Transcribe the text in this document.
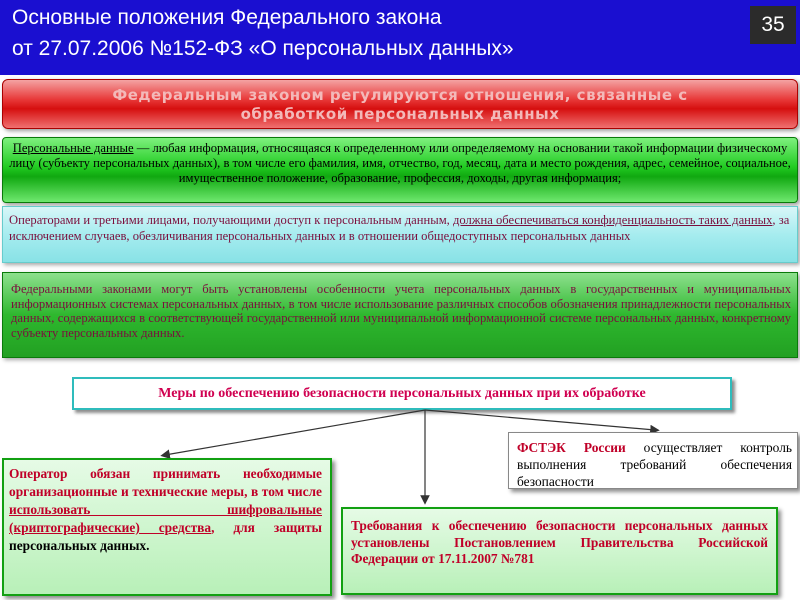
Основные положения Федерального закона
от 27.07.2006 №152-ФЗ «О персональных данных»
35
Федеральным законом регулируются отношения, связанные с
обработкой персональных данных
Персональные данные — любая информация, относящаяся к определенному или определяемому на основании такой информации физическому лицу (субъекту персональных данных), в том числе его фамилия, имя, отчество, год, месяц, дата и место рождения, адрес, семейное, социальное, имущественное положение, образование, профессия, доходы, другая информация;
Операторами и третьими лицами, получающими доступ к персональным данным, должна обеспечиваться конфиденциальность таких данных, за исключением случаев, обезличивания персональных данных и в отношении общедоступных персональных данных
Федеральными законами могут быть установлены особенности учета персональных данных в государственных и муниципальных информационных системах персональных данных, в том числе использование различных способов обозначения принадлежности персональных данных, содержащихся в соответствующей государственной или муниципальной информационной системе персональных данных, конкретному субъекту персональных данных.
Меры по обеспечению безопасности персональных данных при их обработке
Оператор обязан принимать необходимые организационные и технические меры, в том числе использовать шифровальные (криптографические) средства, для защиты персональных данных.
ФСТЭК России осуществляет контроль выполнения требований обеспечения безопасности
Требования к обеспечению безопасности персональных данных установлены Постановлением Правительства Российской Федерации от 17.11.2007 №781
